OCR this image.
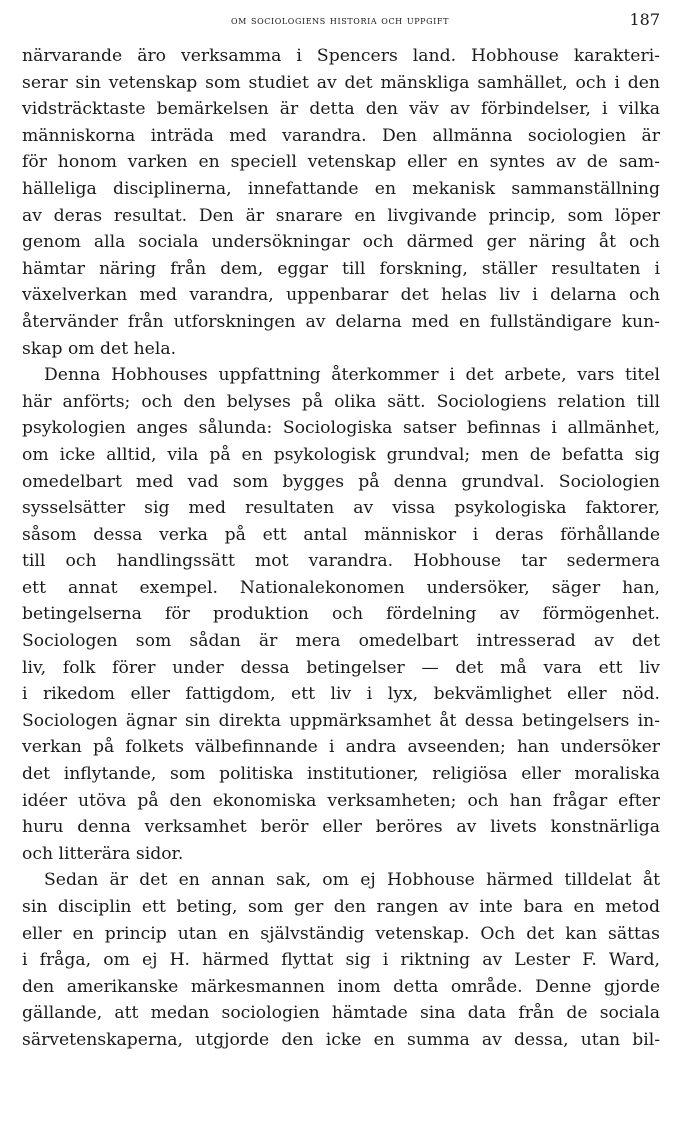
om sociologiens historia och uppgift	187
närvarande äro verksamma i Spencers land. Hobhouse karakteri-
serar sin vetenskap som studiet av det mänskliga samhället, och i den
vidsträcktaste bemärkelsen är detta den väv av förbindelser, i vilka
människorna inträda med varandra. Den allmänna sociologien är
för honom varken en speciell vetenskap eller en syntes av de sam-
hälleliga disciplinerna, innefattande en mekanisk sammanställning
av deras resultat. Den är snarare en livgivande princip, som löper
genom alla sociala undersökningar och därmed ger näring åt och
hämtar näring från dem, eggar till forskning, ställer resultaten i
växelverkan med varandra, uppenbarar det helas liv i delarna och
återvänder från utforskningen av delarna med en fullständigare kun-
skap om det hela.
Denna Hobhouses uppfattning återkommer i det arbete, vars titel
här anförts; och den belyses på olika sätt. Sociologiens relation till
psykologien anges sålunda: Sociologiska satser befinnas i allmänhet,
om icke alltid, vila på en psykologisk grundval; men de befatta sig
omedelbart med vad som bygges på denna grundval. Sociologien
sysselsätter sig med resultaten av vissa psykologiska faktorer,
såsom dessa verka på ett antal människor i deras förhållande
till och handlingssätt mot varandra. Hobhouse tar sedermera
ett annat exempel. Nationalekonomen undersöker, säger han,
betingelserna för produktion och fördelning av förmögenhet.
Sociologen som sådan är mera omedelbart intresserad av det
liv, folk förer under dessa betingelser — det må vara ett liv
i rikedom eller fattigdom, ett liv i lyx, bekvämlighet eller nöd.
Sociologen ägnar sin direkta uppmärksamhet åt dessa betingelsers in-
verkan på folkets välbefinnande i andra avseenden; han undersöker
det inflytande, som politiska institutioner, religiösa eller moraliska
idéer utöva på den ekonomiska verksamheten; och han frågar efter
huru denna verksamhet berör eller beröres av livets konstnärliga
och litterära sidor.
Sedan är det en annan sak, om ej Hobhouse härmed tilldelat åt
sin disciplin ett beting, som ger den rangen av inte bara en metod
eller en princip utan en självständig vetenskap. Och det kan sättas
i fråga, om ej H. härmed flyttat sig i riktning av Lester F. Ward,
den amerikanske märkesmannen inom detta område. Denne gjorde
gällande, att medan sociologien hämtade sina data från de sociala
särvetenskaperna, utgjorde den icke en summa av dessa, utan bil-
